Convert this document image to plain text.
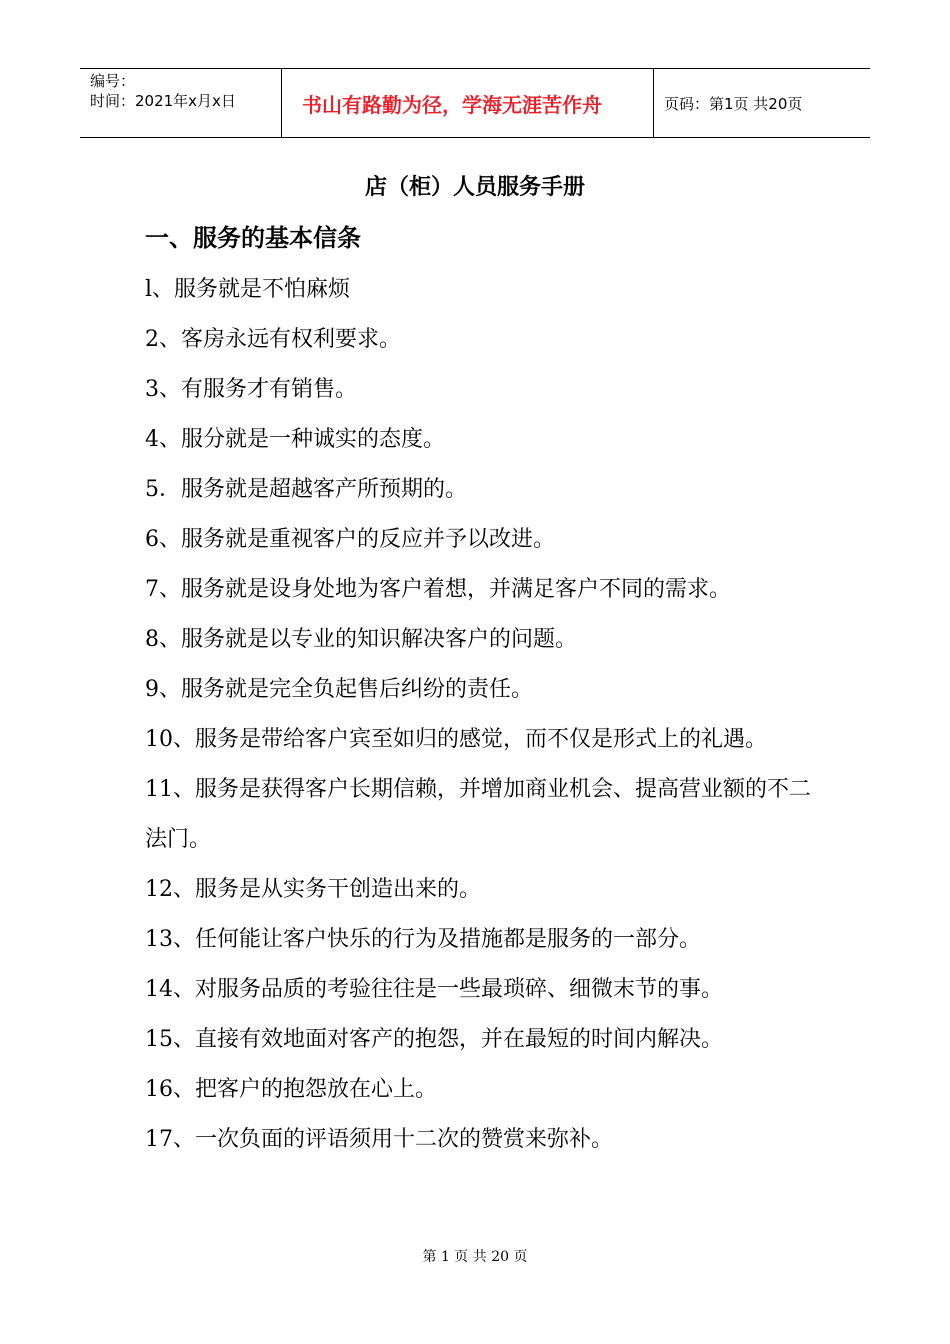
编号：
时间：2021年x月x日	书山有路勤为径，学海无涯苦作舟	页码：第1页 共20页
店（柜）人员服务手册
一、服务的基本信条
l、服务就是不怕麻烦
2、客房永远有权利要求。
3、有服务才有销售。
4、服分就是一种诚实的态度。
5．服务就是超越客产所预期的。
6、服务就是重视客户的反应并予以改进。
7、服务就是设身处地为客户着想，并满足客户不同的需求。
8、服务就是以专业的知识解决客户的问题。
9、服务就是完全负起售后纠纷的责任。
10、服务是带给客户宾至如归的感觉，而不仅是形式上的礼遇。
11、服务是获得客户长期信赖，并增加商业机会、提高营业额的不二法门。
12、服务是从实务干创造出来的。
13、任何能让客户快乐的行为及措施都是服务的一部分。
14、对服务品质的考验往往是一些最琐碎、细微末节的事。
15、直接有效地面对客产的抱怨，并在最短的时间内解决。
16、把客户的抱怨放在心上。
17、一次负面的评语须用十二次的赞赏来弥补。
第 1 页 共 20 页
